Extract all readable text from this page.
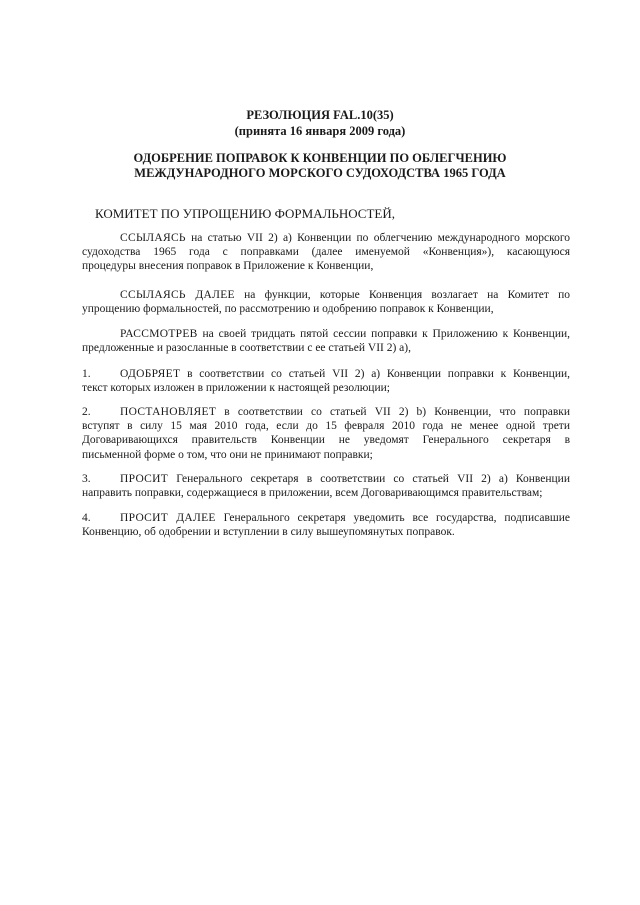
РЕЗОЛЮЦИЯ FAL.10(35)
(принята 16 января 2009 года)
ОДОБРЕНИЕ ПОПРАВОК К КОНВЕНЦИИ ПО ОБЛЕГЧЕНИЮ
МЕЖДУНАРОДНОГО МОРСКОГО СУДОХОДСТВА 1965 ГОДА
КОМИТЕТ ПО УПРОЩЕНИЮ ФОРМАЛЬНОСТЕЙ,
ССЫЛАЯСЬ на статью VII 2) a) Конвенции по облегчению международного морского
судоходства 1965 года с поправками (далее именуемой «Конвенция»), касающуюся
процедуры внесения поправок в Приложение к Конвенции,
ССЫЛАЯСЬ ДАЛЕЕ на функции, которые Конвенция возлагает на Комитет по
упрощению формальностей, по рассмотрению и одобрению поправок к Конвенции,
РАССМОТРЕВ на своей тридцать пятой сессии поправки к Приложению к Конвенции,
предложенные и разосланные в соответствии с ее статьей VII 2) a),
1.	ОДОБРЯЕТ в соответствии со статьей VII 2) a) Конвенции поправки к Конвенции,
текст которых изложен в приложении к настоящей резолюции;
2.	ПОСТАНОВЛЯЕТ в соответствии со статьей VII 2) b) Конвенции, что поправки
вступят в силу 15 мая 2010 года, если до 15 февраля 2010 года не менее одной трети
Договаривающихся правительств Конвенции не уведомят Генерального секретаря в
письменной форме о том, что они не принимают поправки;
3.	ПРОСИТ Генерального секретаря в соответствии со статьей VII 2) a) Конвенции
направить поправки, содержащиеся в приложении, всем Договаривающимся правительствам;
4.	ПРОСИТ ДАЛЕЕ Генерального секретаря уведомить все государства, подписавшие
Конвенцию, об одобрении и вступлении в силу вышеупомянутых поправок.
